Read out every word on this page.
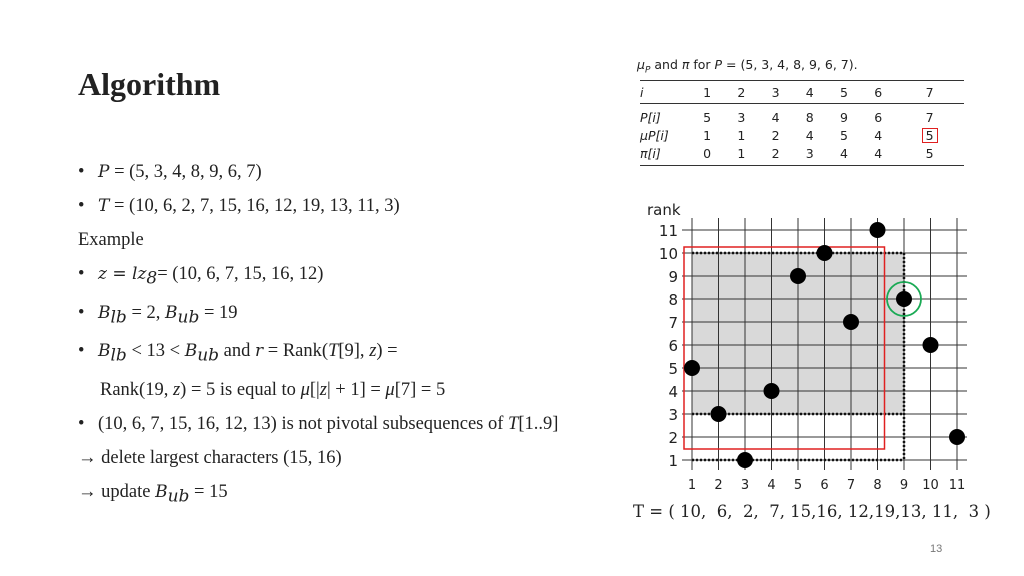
Algorithm
• P = (5, 3, 4, 8, 9, 6, 7)
• T = (10, 6, 2, 7, 15, 16, 12, 19, 13, 11, 3)
Example
• $z = lz_8= (10$, 6, 7, 15, 16, 12)
• $B_{lb} = 2$, $B_{ub} = 19$
• $B_{lb} < 13 < B_{ub}$ and r = Rank(T[9], z) =
Rank(19, z) = 5 is equal to μ[|z| + 1] = μ[7] = 5
• (10, 6, 7, 15, 16, 12, 13) is not pivotal subsequences of T[1..9]
→ delete largest characters (15, 16)
→ update $B_{ub} = 15$
$\mu_P$ and π for P = (5, 3, 4, 8, 9, 6, 7).
i	1	2	3	4	5	6	7
P[i]	5	3	4	8	9	6	7
μP[i]	1	1	2	4	5	4	5
π[i]	0	1	2	3	4	4	5
1
2
3
4
5
6
7
8
9
10
11
1 2 3 4 5 6 7 8 9 10 11
rank
T = ( 10,  6,  2,  7, 15,16, 12,19,13, 11,  3 )
13
